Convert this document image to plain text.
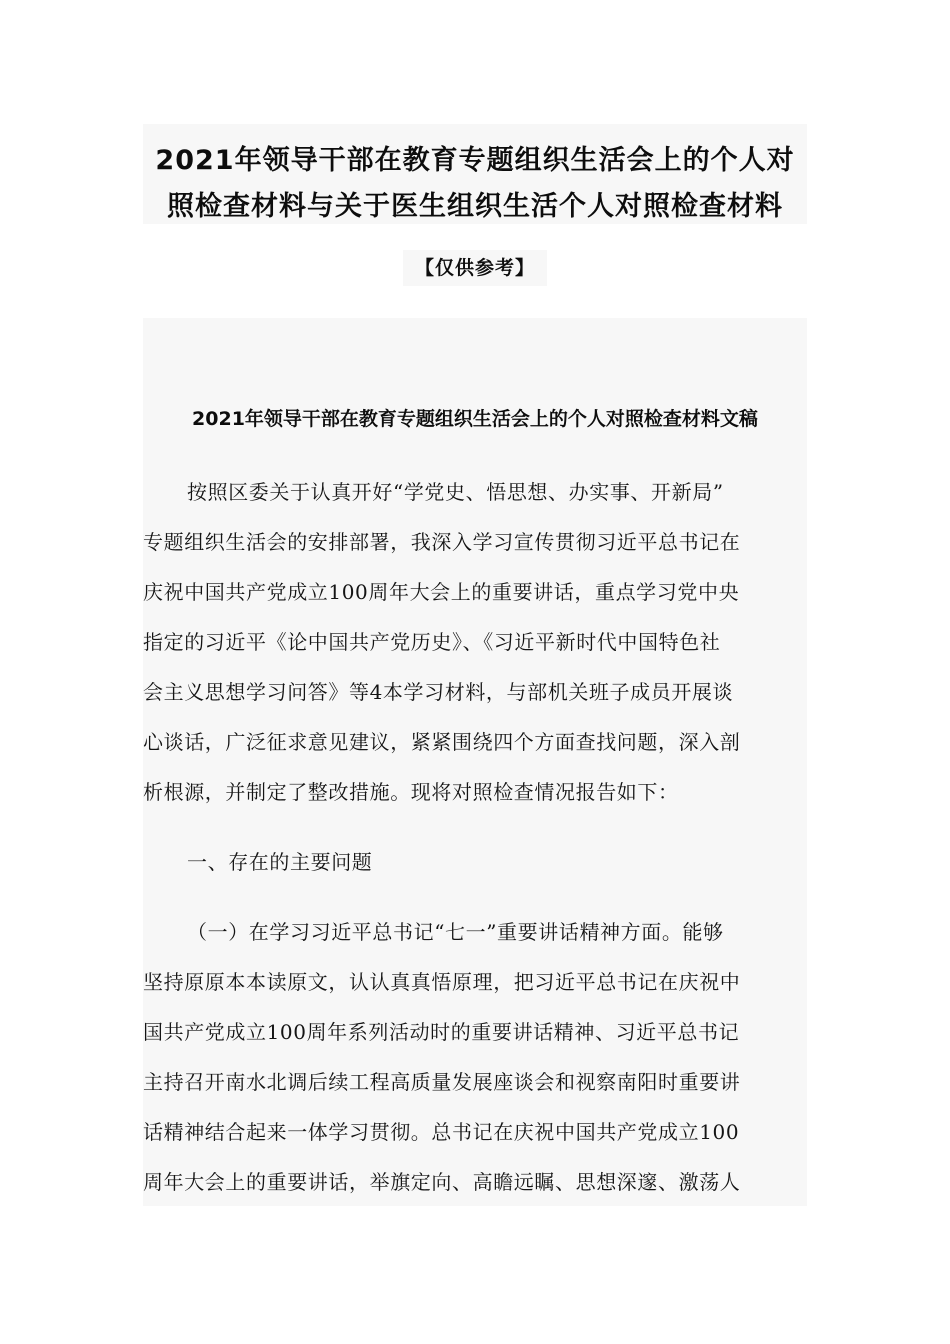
2021年领导干部在教育专题组织生活会上的个人对
照检查材料与关于医生组织生活个人对照检查材料
【仅供参考】
2021年领导干部在教育专题组织生活会上的个人对照检查材料文稿
按照区委关于认真开好“学党史、悟思想、办实事、开新局”
专题组织生活会的安排部署，我深入学习宣传贯彻习近平总书记在
庆祝中国共产党成立100周年大会上的重要讲话，重点学习党中央
指定的习近平《论中国共产党历史》、《习近平新时代中国特色社
会主义思想学习问答》等4本学习材料，与部机关班子成员开展谈
心谈话，广泛征求意见建议，紧紧围绕四个方面查找问题，深入剖
析根源，并制定了整改措施。现将对照检查情况报告如下：
一、存在的主要问题
（一）在学习习近平总书记“七一”重要讲话精神方面。能够
坚持原原本本读原文，认认真真悟原理，把习近平总书记在庆祝中
国共产党成立100周年系列活动时的重要讲话精神、习近平总书记
主持召开南水北调后续工程高质量发展座谈会和视察南阳时重要讲
话精神结合起来一体学习贯彻。总书记在庆祝中国共产党成立100
周年大会上的重要讲话，举旗定向、高瞻远瞩、思想深邃、激荡人
